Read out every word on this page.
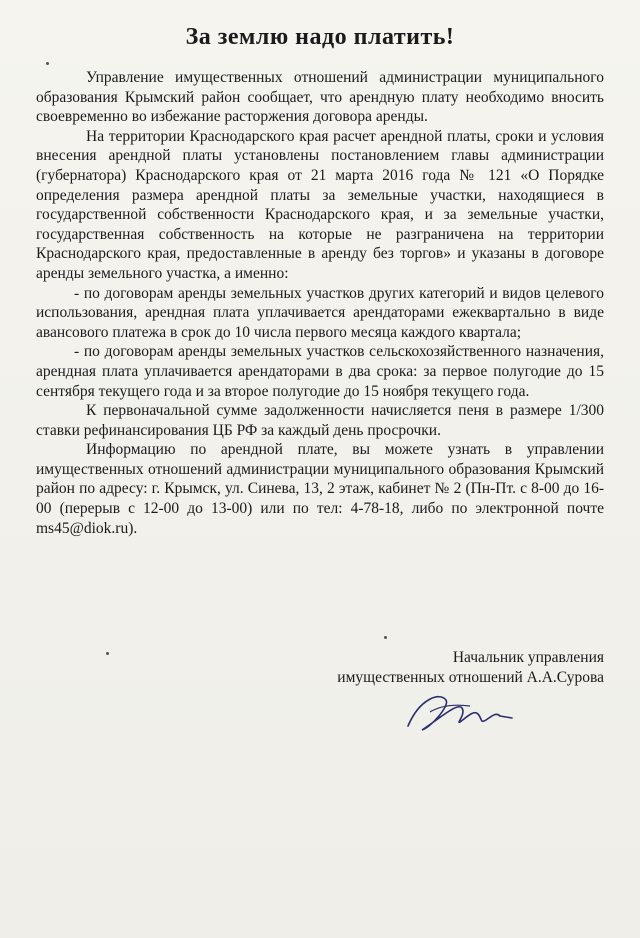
За землю надо платить!

Управление имущественных отношений администрации муниципального образования Крымский район сообщает, что арендную плату необходимо вносить своевременно во избежание расторжения договора аренды.

На территории Краснодарского края расчет арендной платы, сроки и условия внесения арендной платы установлены постановлением главы администрации (губернатора) Краснодарского края от 21 марта 2016 года № 121 «О Порядке определения размера арендной платы за земельные участки, находящиеся в государственной собственности Краснодарского края, и за земельные участки, государственная собственность на которые не разграничена на территории Краснодарского края, предоставленные в аренду без торгов» и указаны в договоре аренды земельного участка, а именно:

- по договорам аренды земельных участков других категорий и видов целевого использования, арендная плата уплачивается арендаторами ежеквартально в виде авансового платежа в срок до 10 числа первого месяца каждого квартала;

- по договорам аренды земельных участков сельскохозяйственного назначения, арендная плата уплачивается арендаторами в два срока: за первое полугодие до 15 сентября текущего года и за второе полугодие до 15 ноября текущего года.

К первоначальной сумме задолженности начисляется пеня в размере 1/300 ставки рефинансирования ЦБ РФ за каждый день просрочки.

Информацию по арендной плате, вы можете узнать в управлении имущественных отношений администрации муниципального образования Крымский район по адресу: г. Крымск, ул. Синева, 13, 2 этаж, кабинет № 2 (Пн-Пт. с 8-00 до 16-00 (перерыв с 12-00 до 13-00) или по тел: 4-78-18, либо по электронной почте ms45@diok.ru).

Начальник управления
имущественных отношений А.А.Сурова
